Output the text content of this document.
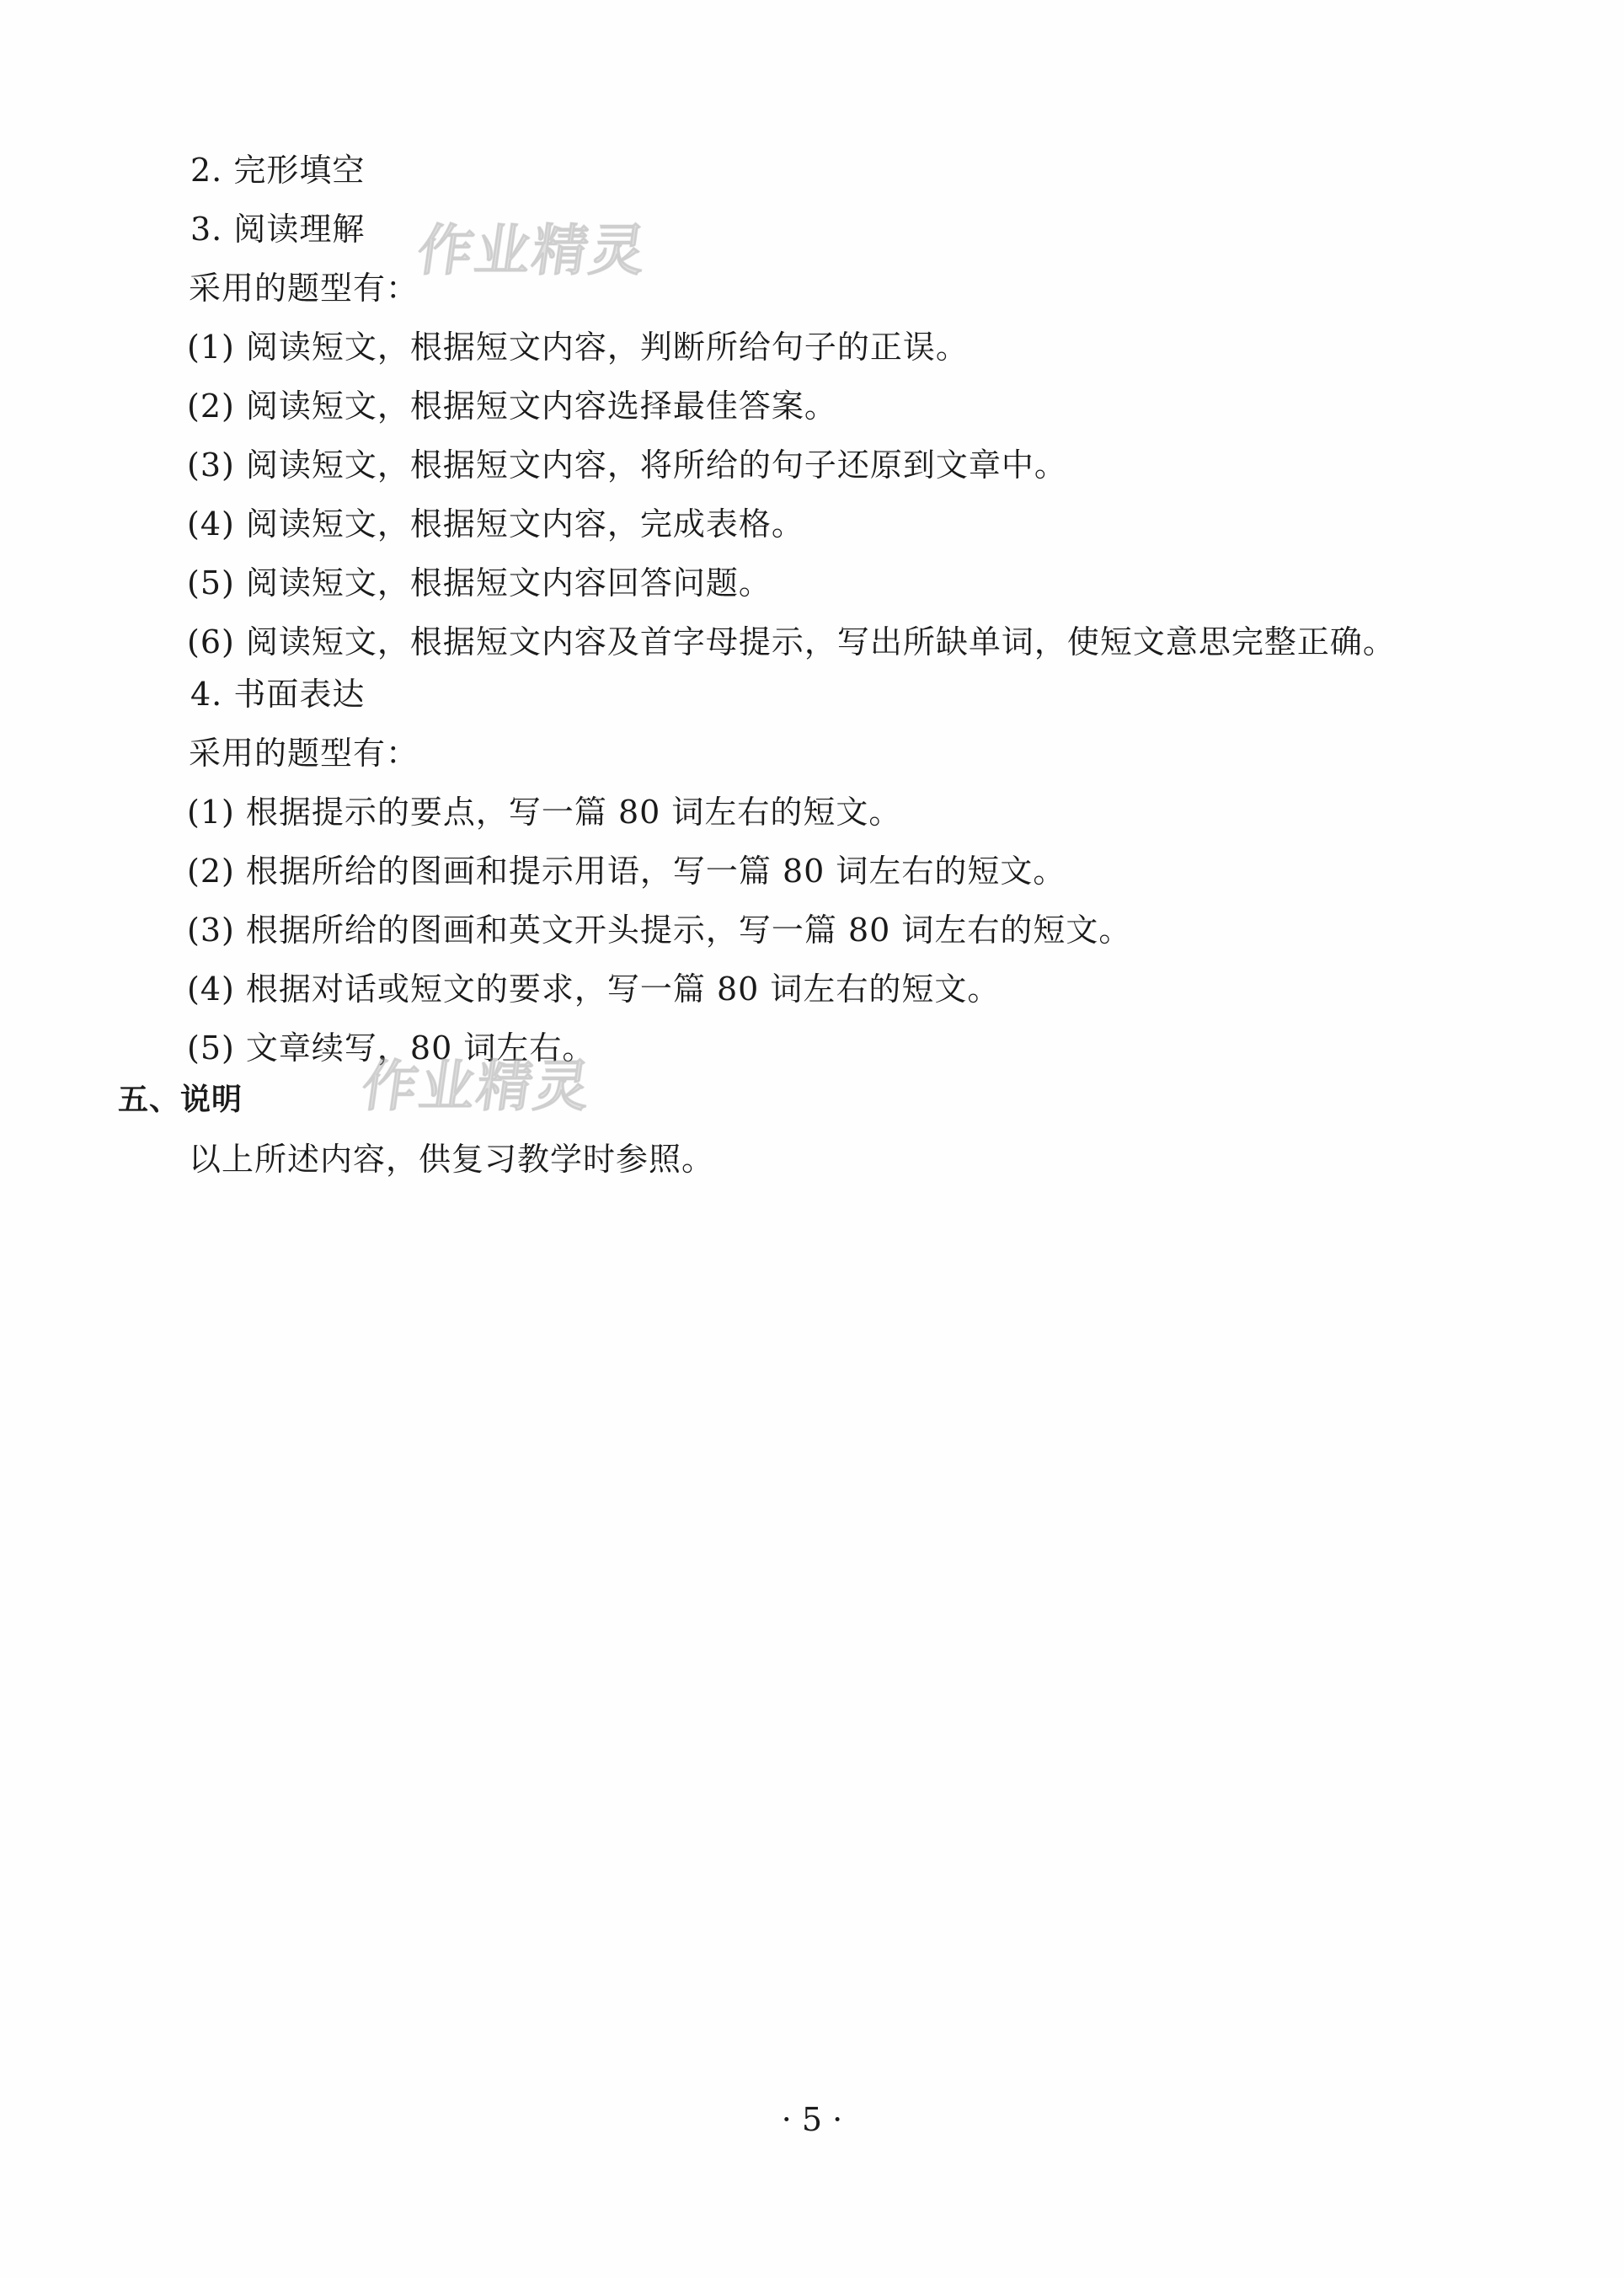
2. 完形填空
3. 阅读理解 作业精灵
采用的题型有：
(1) 阅读短文，根据短文内容，判断所给句子的正误。
(2) 阅读短文，根据短文内容选择最佳答案。
(3) 阅读短文，根据短文内容，将所给的句子还原到文章中。
(4) 阅读短文，根据短文内容，完成表格。
(5) 阅读短文，根据短文内容回答问题。
(6) 阅读短文，根据短文内容及首字母提示，写出所缺单词，使短文意思完整正确。
4. 书面表达
采用的题型有：
(1) 根据提示的要点，写一篇 80 词左右的短文。
(2) 根据所给的图画和提示用语，写一篇 80 词左右的短文。
(3) 根据所给的图画和英文开头提示，写一篇 80 词左右的短文。
(4) 根据对话或短文的要求，写一篇 80 词左右的短文。
(5) 文章续写，80 词左右。
五、说明 作业精灵
以上所述内容，供复习教学时参照。
· 5 ·
